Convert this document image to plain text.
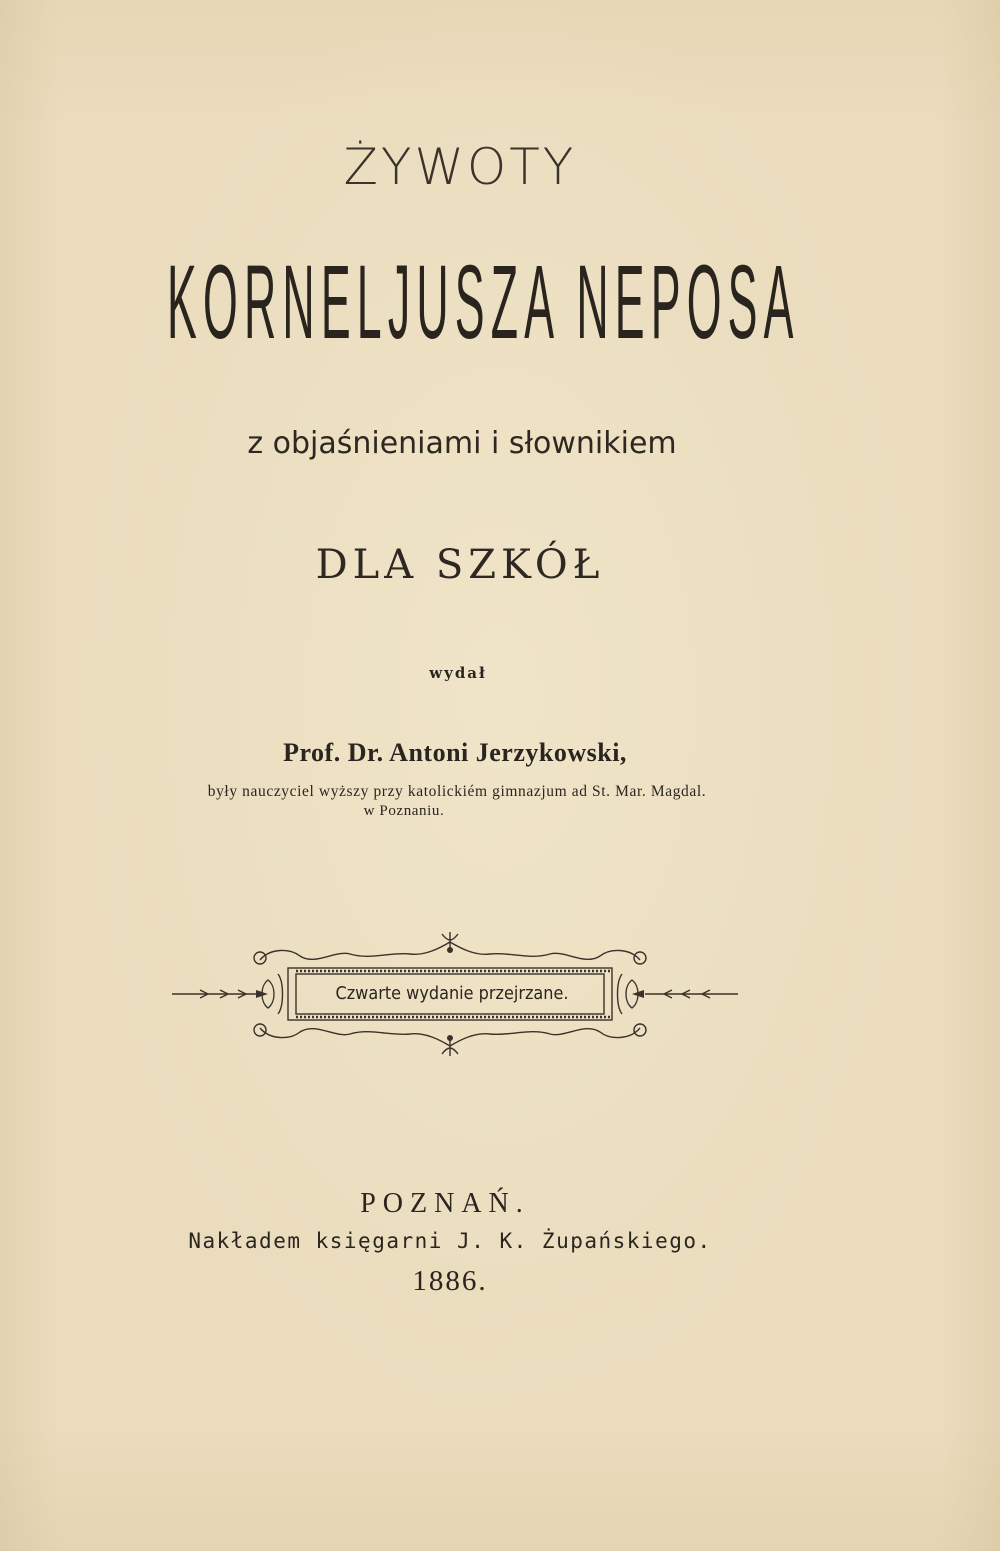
ŻYWOTY
KORNELJUSZA NEPOSA
z objaśnieniami i słownikiem
DLA SZKÓŁ
wydał
Prof. Dr. Antoni Jerzykowski,
były nauczyciel wyższy przy katolickiém gimnazjum ad St. Mar. Magdal.
w Poznaniu.
Czwarte wydanie przejrzane.
POZNAŃ.
Nakładem księgarni J. K. Żupańskiego.
1886.
